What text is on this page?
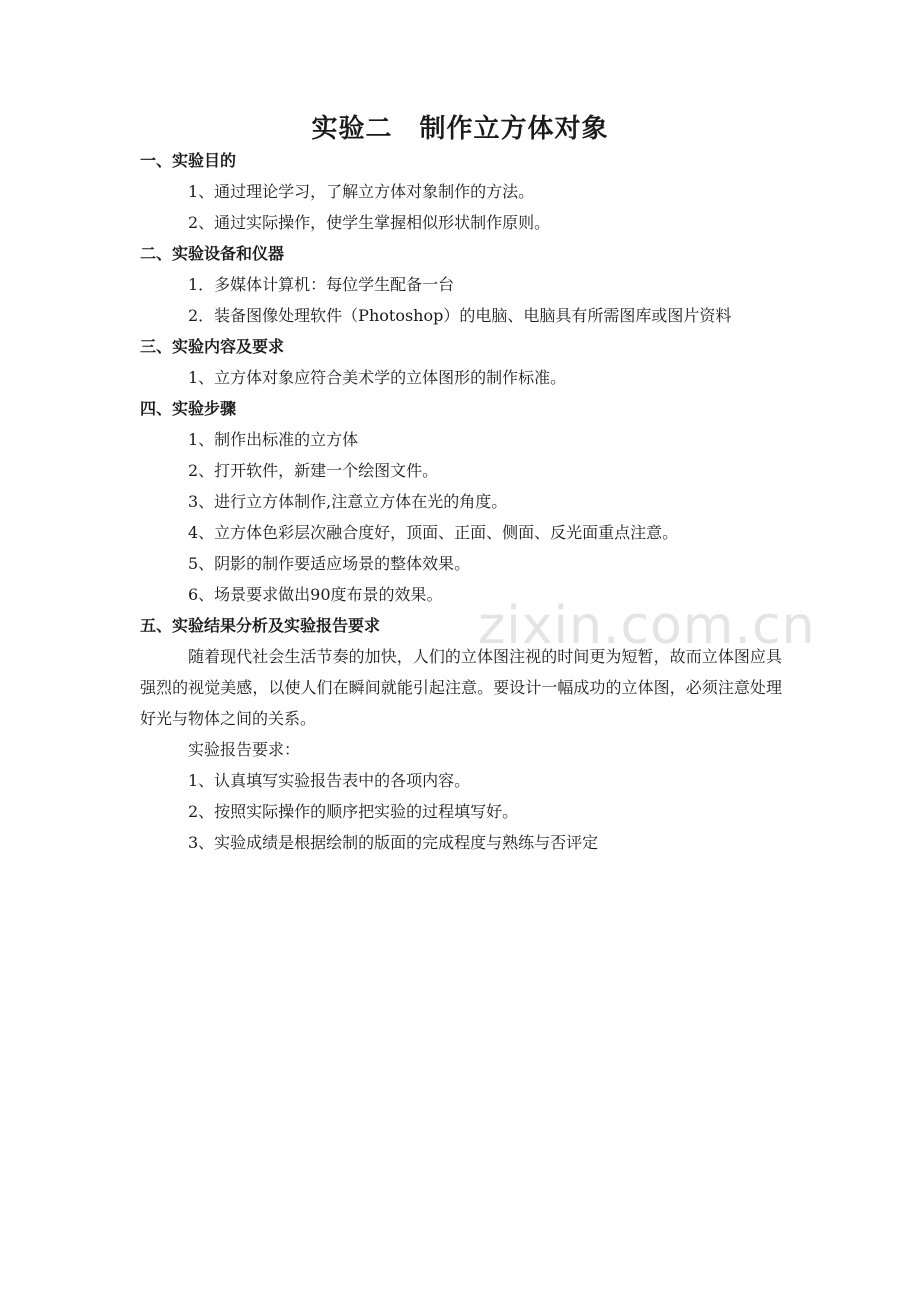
实验二　制作立方体对象
一、实验目的
1、通过理论学习，了解立方体对象制作的方法。
2、通过实际操作，使学生掌握相似形状制作原则。
二、实验设备和仪器
1．多媒体计算机：每位学生配备一台
2．装备图像处理软件（Photoshop）的电脑、电脑具有所需图库或图片资料
三、实验内容及要求
1、立方体对象应符合美术学的立体图形的制作标准。
四、实验步骤
1、制作出标准的立方体
2、打开软件，新建一个绘图文件。
3、进行立方体制作,注意立方体在光的角度。
4、立方体色彩层次融合度好，顶面、正面、侧面、反光面重点注意。
5、阴影的制作要适应场景的整体效果。
6、场景要求做出90度布景的效果。
五、实验结果分析及实验报告要求
随着现代社会生活节奏的加快，人们的立体图注视的时间更为短暂，故而立体图应具强烈的视觉美感，以使人们在瞬间就能引起注意。要设计一幅成功的立体图，必须注意处理好光与物体之间的关系。
实验报告要求：
1、认真填写实验报告表中的各项内容。
2、按照实际操作的顺序把实验的过程填写好。
3、实验成绩是根据绘制的版面的完成程度与熟练与否评定
zixin.com.cn
